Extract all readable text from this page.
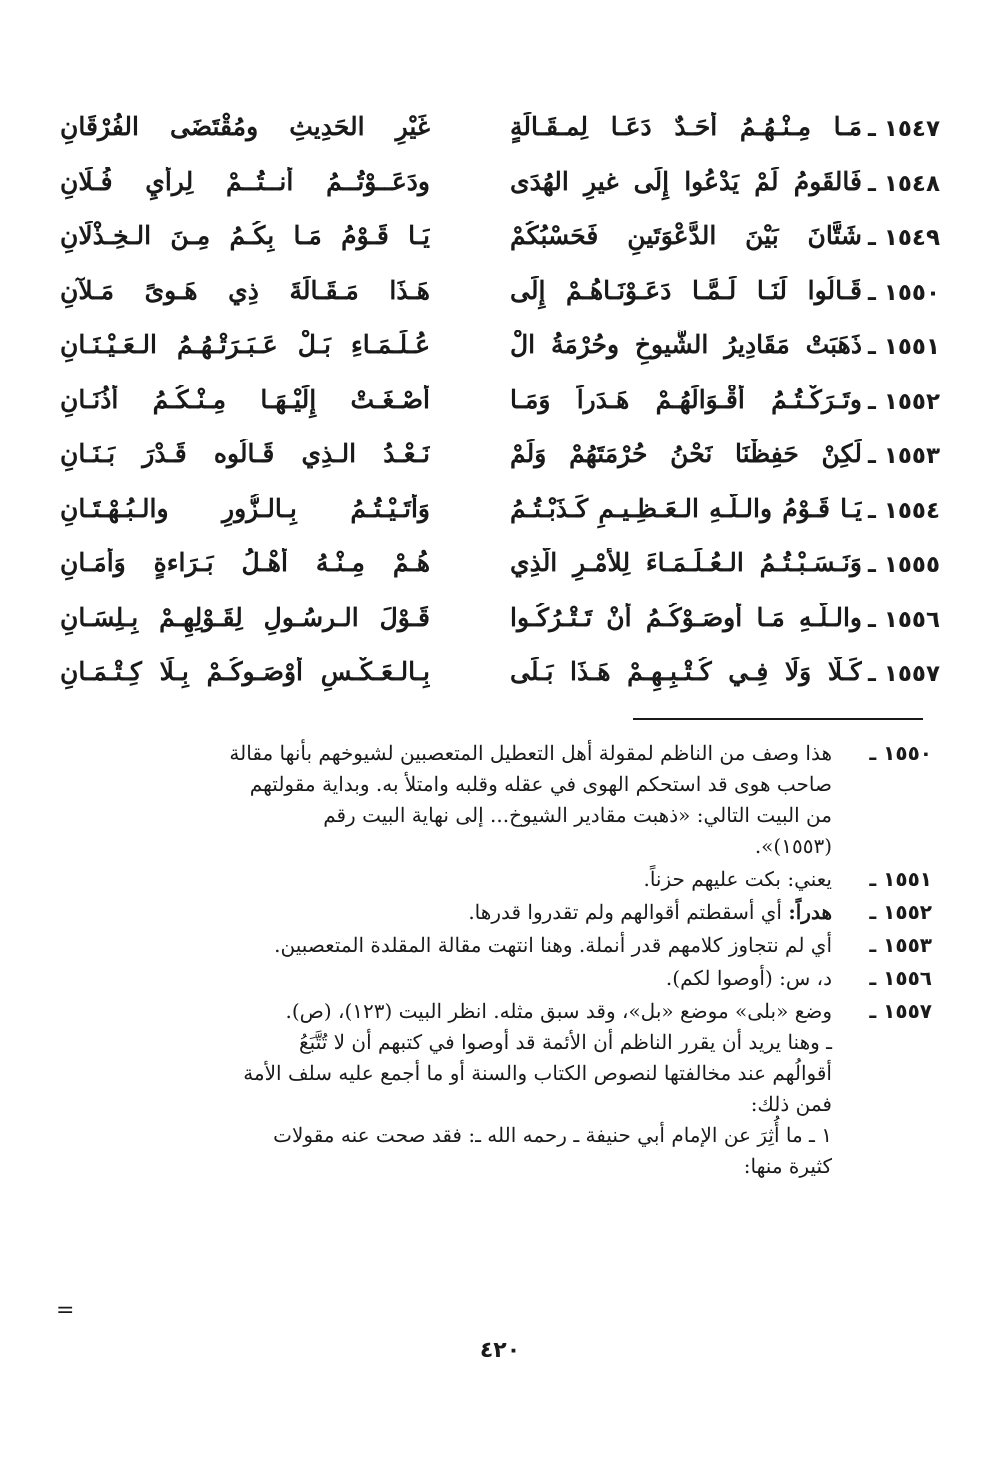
١٥٤٧ ـ
مَـا مِـنْـهُـمُ أَحَـدٌ دَعَـا لِمـقَـالَةٍ
غَيْرِ الحَدِيثِ ومُقْتَضَى الفُرْقَانِ
١٥٤٨ ـ
فَالقَومُ لَمْ يَدْعُوا إِلَى غيرِ الهُدَى
ودَعَــوْتُــمُ أنــتُــمْ لِرأيِ فُـلَانِ
١٥٤٩ ـ
شَتَّانَ بَيْنَ الدَّعْوَتَينِ فَحَسْبُكُمْ
يَـا قَـوْمُ مَـا بِكُـمُ مِـنَ الـخِـذْلَانِ
١٥٥٠ ـ
قَـالُوا لَنَـا لَـمَّـا دَعَـوْنَـاهُـمْ إِلَى
هَـذَا مَـقَـالَةَ ذِي هَـوىً مَـلآنِ
١٥٥١ ـ
ذَهَبَتْ مَقَادِيرُ الشُّيوخِ وحُرْمَةُ الْ
عُـلَـمَـاءِ بَـلْ عَـبَـرَتْـهُـمُ الـعَـيْـنَـانِ
١٥٥٢ ـ
وتَـرَكْـتُـمُ أقْـوَالَهُـمْ هَـدَراً وَمَـا
أَصْـغَـتْ إِلَيْـهَـا مِـنْـكُـمُ أذُنَـانِ
١٥٥٣ ـ
لَكِنْ حَفِظْنَا نَحْنُ حُرْمَتَهُمْ وَلَمْ
نَـعْـدُ الـذِي قَـالُوه قَـدْرَ بَـنَـانِ
١٥٥٤ ـ
يَـا قَـوْمُ والـلَّـهِ الـعَـظِـيـمِ كَـذَبْـتُـمُ
وَأَتَـيْـتُـمُ بِـالـزُّورِ والـبُـهْـتَـانِ
١٥٥٥ ـ
وَنَـسَـبْـتُـمُ الـعُـلَـمَـاءَ لِلأَمْـرِ الَّذِي
هُـمْ مِـنْـهُ أَهْـلُ بَـرَاءةٍ وَأَمَـانِ
١٥٥٦ ـ
والـلَّـهِ مَـا أوصَـوْكُـمُ أنْ تَـتْـرُكُـوا
قَـوْلَ الـرسُـولِ لِقَـوْلِهِـمْ بِـلِسَـانِ
١٥٥٧ ـ
كَـلَّا وَلَا فِـي كُـتْـبِـهِـمْ هَـذَا بَـلَى
بِـالـعَـكْـسِ أوْصَـوكُـمْ بِـلَا كِـتْـمَـانِ
١٥٥٠ ـ
هذا وصف من الناظم لمقولة أهل التعطيل المتعصبين لشيوخهم بأنها مقالة
صاحب هوى قد استحكم الهوى في عقله وقلبه وامتلأ به. وبداية مقولتهم
من البيت التالي: «ذهبت مقادير الشيوخ... إلى نهاية البيت رقم
(١٥٥٣)».
١٥٥١ ـ
يعني: بكت عليهم حزناً.
١٥٥٢ ـ
هدراً: أي أسقطتم أقوالهم ولم تقدروا قدرها.
١٥٥٣ ـ
أي لم نتجاوز كلامهم قدر أنملة. وهنا انتهت مقالة المقلدة المتعصبين.
١٥٥٦ ـ
د، س: (أوصوا لكم).
١٥٥٧ ـ
وضع «بلى» موضع «بل»، وقد سبق مثله. انظر البيت (١٢٣)، (ص).
ـ وهنا يريد أن يقرر الناظم أن الأئمة قد أوصوا في كتبهم أن لا تُتَّبَعُ
أقوالُهم عند مخالفتها لنصوص الكتاب والسنة أو ما أجمع عليه سلف الأمة
فمن ذلك:
١ ـ ما أُثِرَ عن الإمام أبي حنيفة ـ رحمه الله ـ: فقد صحت عنه مقولات
كثيرة منها:
=
٤٢٠
